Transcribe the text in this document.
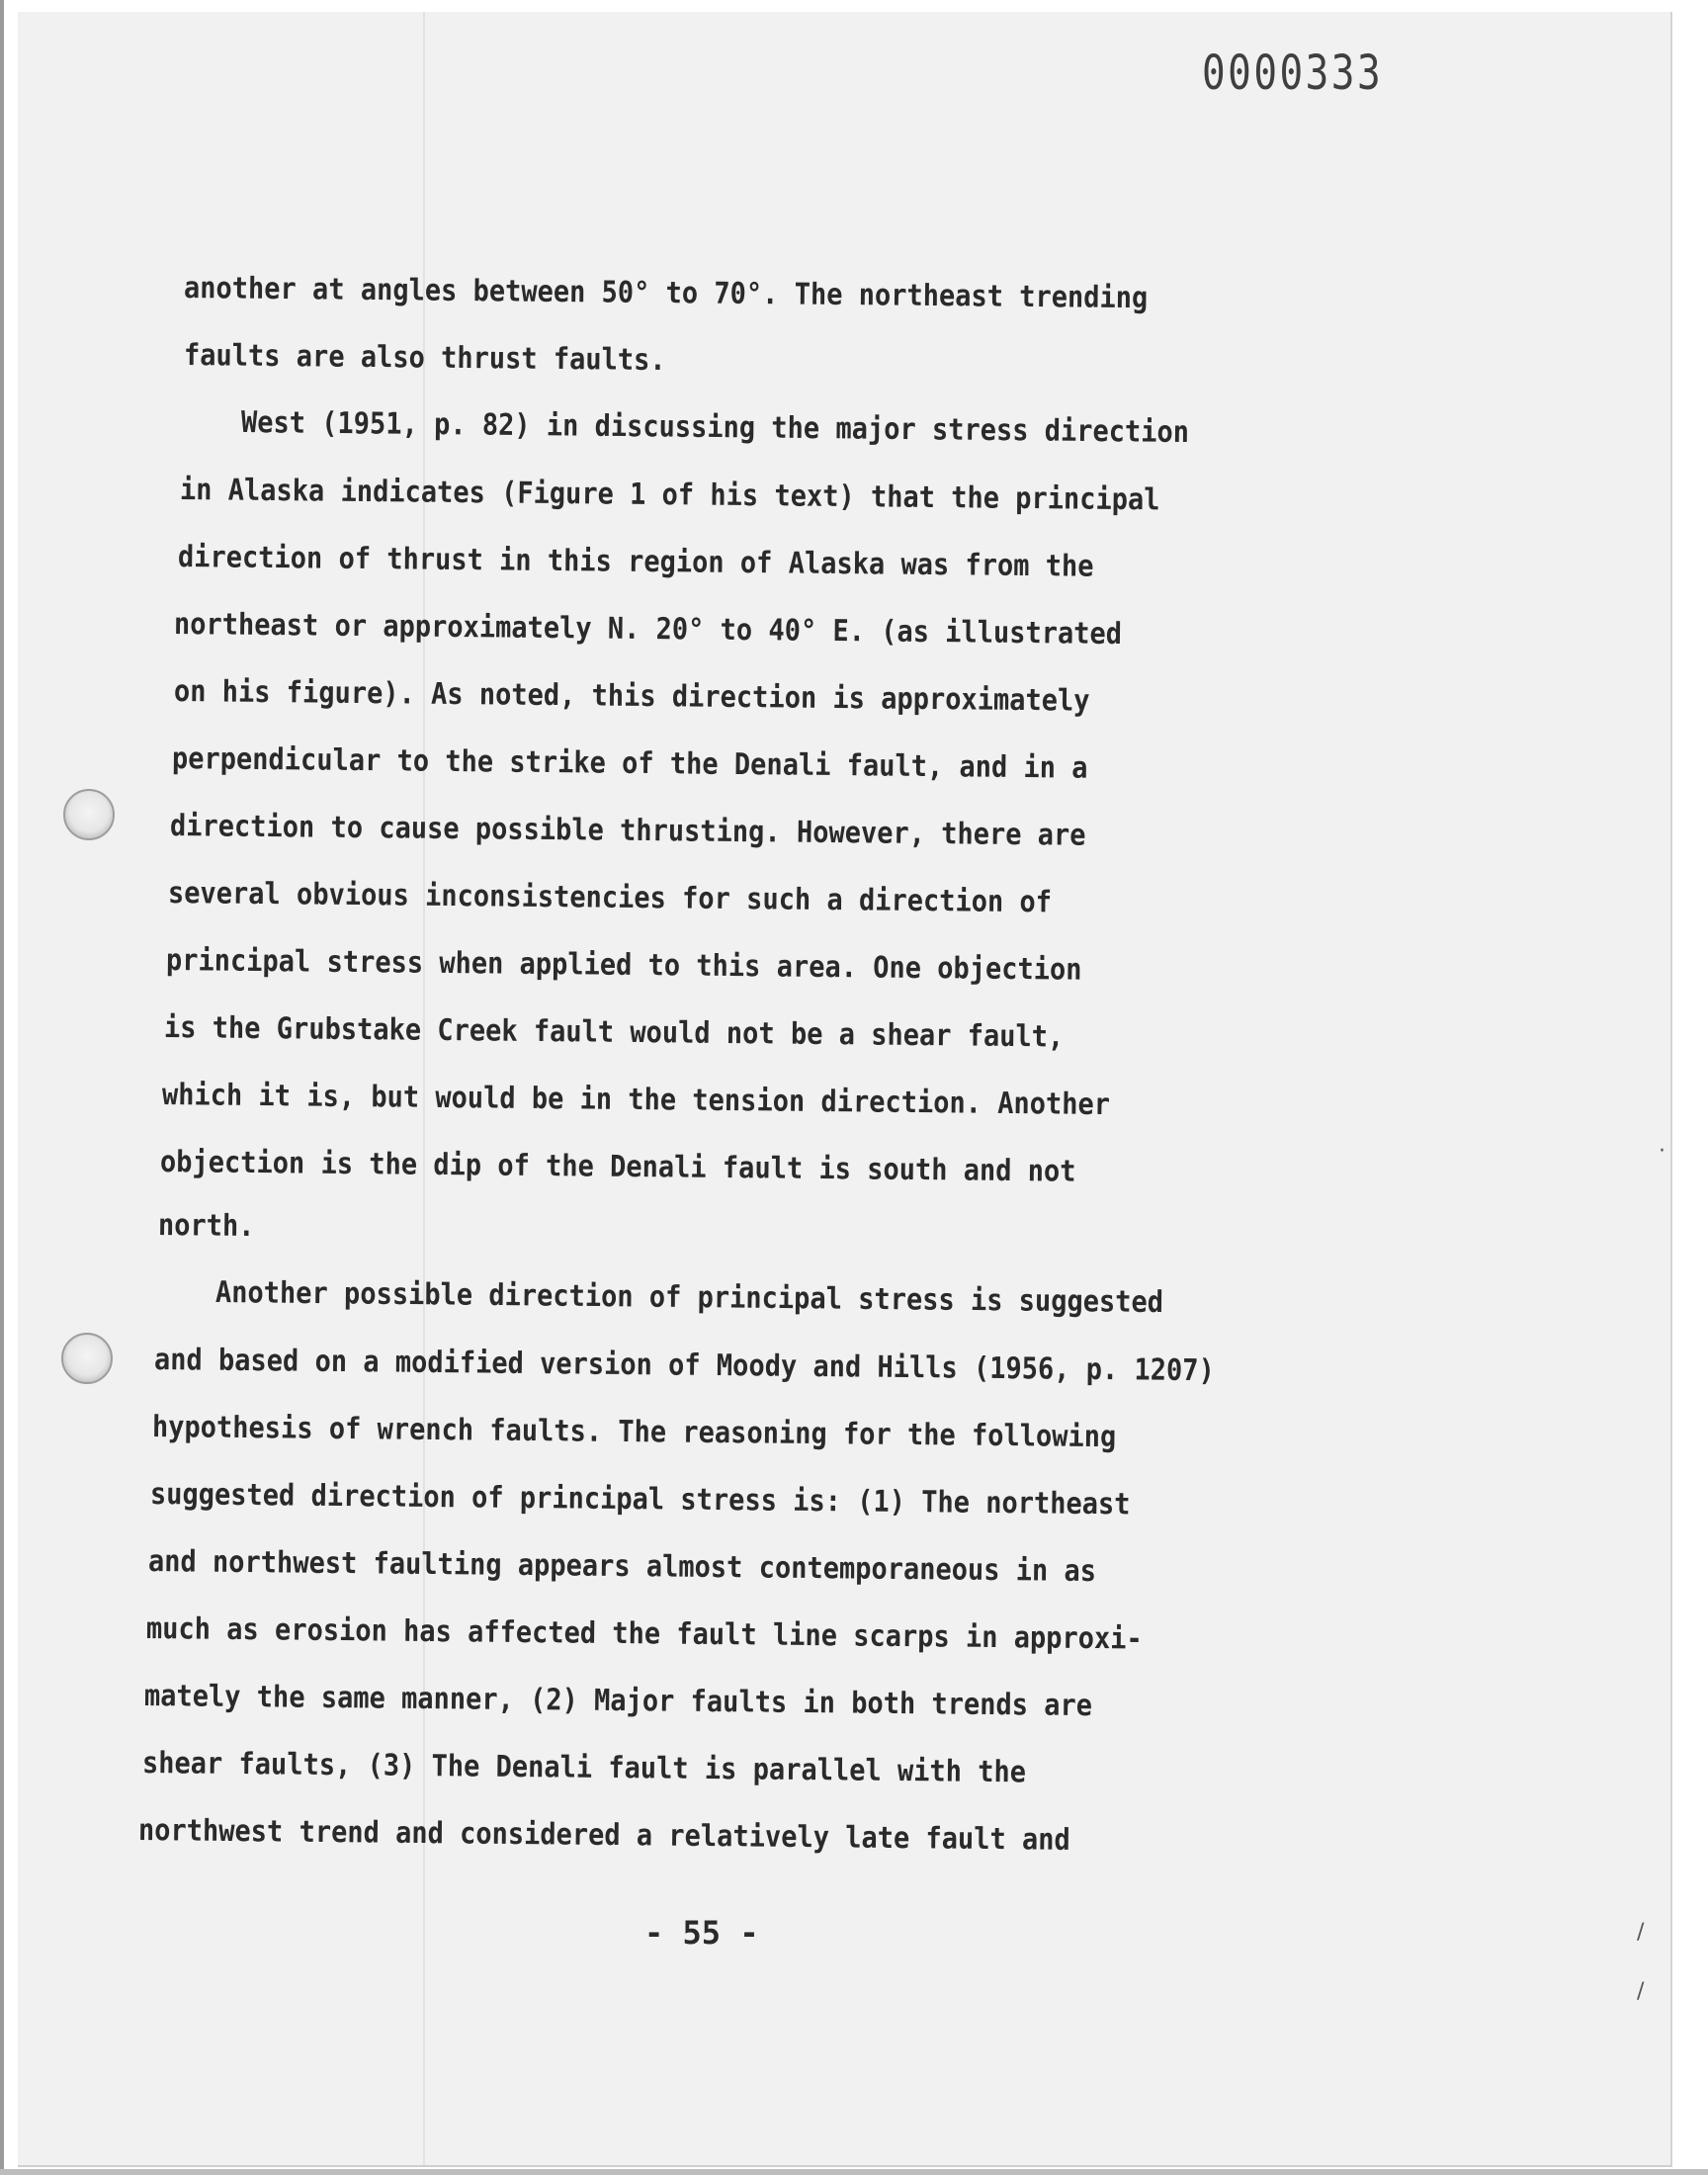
0000333
another at angles between 50° to 70°. The northeast trending
faults are also thrust faults.
West (1951, p. 82) in discussing the major stress direction
in Alaska indicates (Figure 1 of his text) that the principal
direction of thrust in this region of Alaska was from the
northeast or approximately N. 20° to 40° E. (as illustrated
on his figure). As noted, this direction is approximately
perpendicular to the strike of the Denali fault, and in a
direction to cause possible thrusting. However, there are
several obvious inconsistencies for such a direction of
principal stress when applied to this area. One objection
is the Grubstake Creek fault would not be a shear fault,
which it is, but would be in the tension direction. Another
objection is the dip of the Denali fault is south and not
north.
Another possible direction of principal stress is suggested
and based on a modified version of Moody and Hills (1956, p. 1207)
hypothesis of wrench faults. The reasoning for the following
suggested direction of principal stress is: (1) The northeast
and northwest faulting appears almost contemporaneous in as
much as erosion has affected the fault line scarps in approxi-
mately the same manner, (2) Major faults in both trends are
shear faults, (3) The Denali fault is parallel with the
northwest trend and considered a relatively late fault and
- 55 -
·
/
/
